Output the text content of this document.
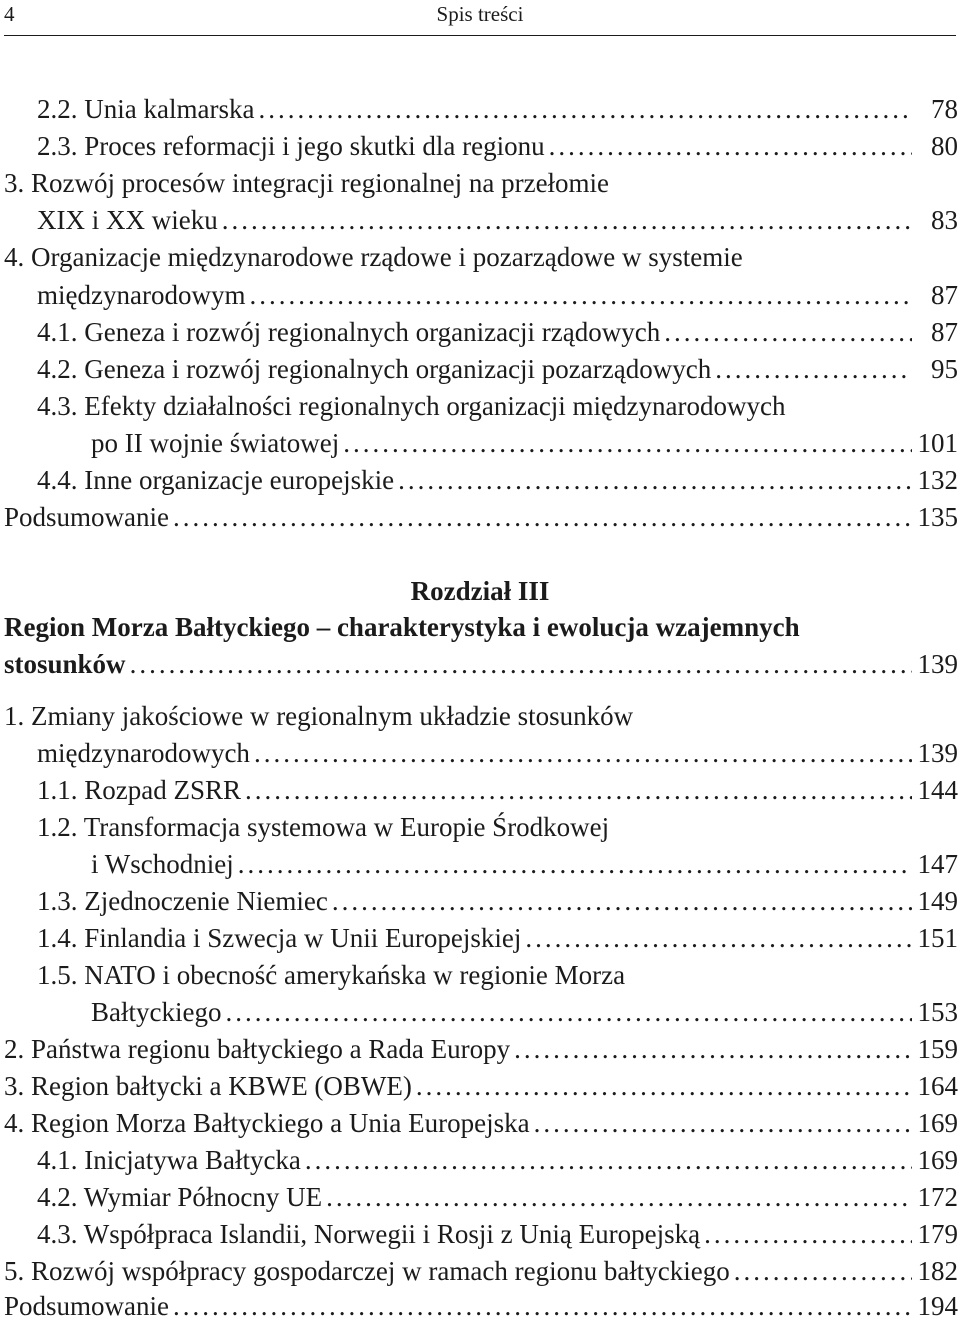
4	Spis treści
2.2. Unia kalmarska .....	78
2.3. Proces reformacji i jego skutki dla regionu .....	80
3. Rozwój procesów integracji regionalnej na przełomie
XIX i XX wieku .....	83
4. Organizacje międzynarodowe rządowe i pozarządowe w systemie
międzynarodowym .....	87
4.1. Geneza i rozwój regionalnych organizacji rządowych .....	87
4.2. Geneza i rozwój regionalnych organizacji pozarządowych .....	95
4.3. Efekty działalności regionalnych organizacji międzynarodowych
po II wojnie światowej .....	101
4.4. Inne organizacje europejskie .....	132
Podsumowanie .....	135
Rozdział III
Region Morza Bałtyckiego – charakterystyka i ewolucja wzajemnych
stosunków .....	139
1. Zmiany jakościowe w regionalnym układzie stosunków
międzynarodowych .....	139
1.1. Rozpad ZSRR .....	144
1.2. Transformacja systemowa w Europie Środkowej
i Wschodniej .....	147
1.3. Zjednoczenie Niemiec .....	149
1.4. Finlandia i Szwecja w Unii Europejskiej .....	151
1.5. NATO i obecność amerykańska w regionie Morza
Bałtyckiego .....	153
2. Państwa regionu bałtyckiego a Rada Europy .....	159
3. Region bałtycki a KBWE (OBWE) .....	164
4. Region Morza Bałtyckiego a Unia Europejska .....	169
4.1. Inicjatywa Bałtycka .....	169
4.2. Wymiar Północny UE .....	172
4.3. Współpraca Islandii, Norwegii i Rosji z Unią Europejską .....	179
5. Rozwój współpracy gospodarczej w ramach regionu bałtyckiego .....	182
Podsumowanie .....	194
